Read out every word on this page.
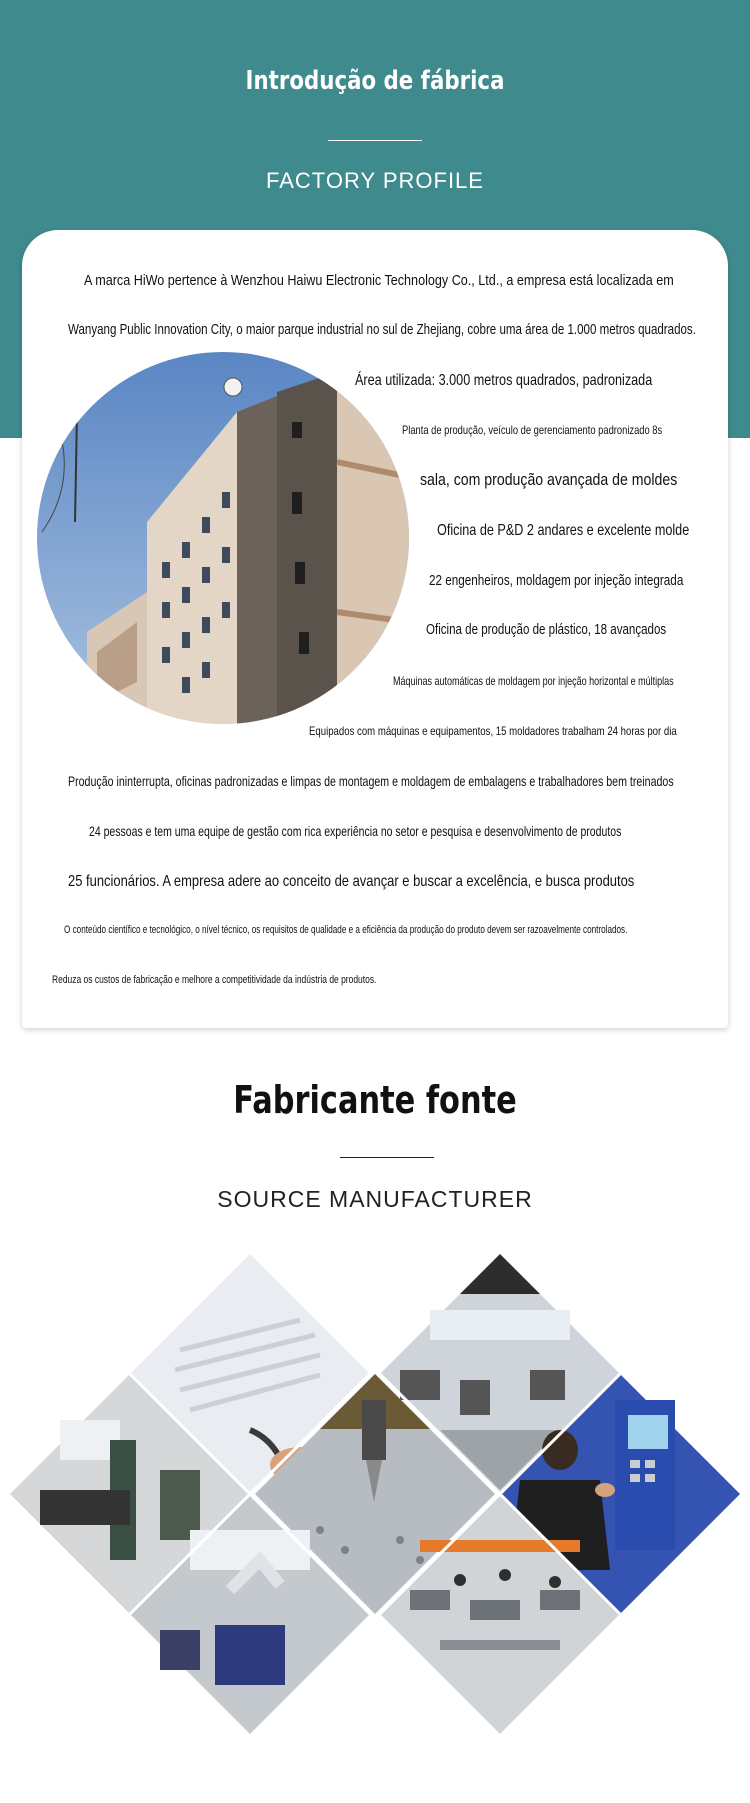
Introdução de fábrica
FACTORY PROFILE
A marca HiWo pertence à Wenzhou Haiwu Electronic Technology Co., Ltd., a empresa está localizada em
Wanyang Public Innovation City, o maior parque industrial no sul de Zhejiang, cobre uma área de 1.000 metros quadrados.
Área utilizada: 3.000 metros quadrados, padronizada
Planta de produção, veículo de gerenciamento padronizado 8s
sala, com produção avançada de moldes
Oficina de P&D 2 andares e excelente molde
22 engenheiros, moldagem por injeção integrada
Oficina de produção de plástico, 18 avançados
Máquinas automáticas de moldagem por injeção horizontal e múltiplas
Equipados com máquinas e equipamentos, 15 moldadores trabalham 24 horas por dia
Produção ininterrupta, oficinas padronizadas e limpas de montagem e moldagem de embalagens e trabalhadores bem treinados
24 pessoas e tem uma equipe de gestão com rica experiência no setor e pesquisa e desenvolvimento de produtos
25 funcionários. A empresa adere ao conceito de avançar e buscar a excelência, e busca produtos
O conteúdo científico e tecnológico, o nível técnico, os requisitos de qualidade e a eficiência da produção do produto devem ser razoavelmente controlados.
Reduza os custos de fabricação e melhore a competitividade da indústria de produtos.
Fabricante fonte
SOURCE MANUFACTURER
